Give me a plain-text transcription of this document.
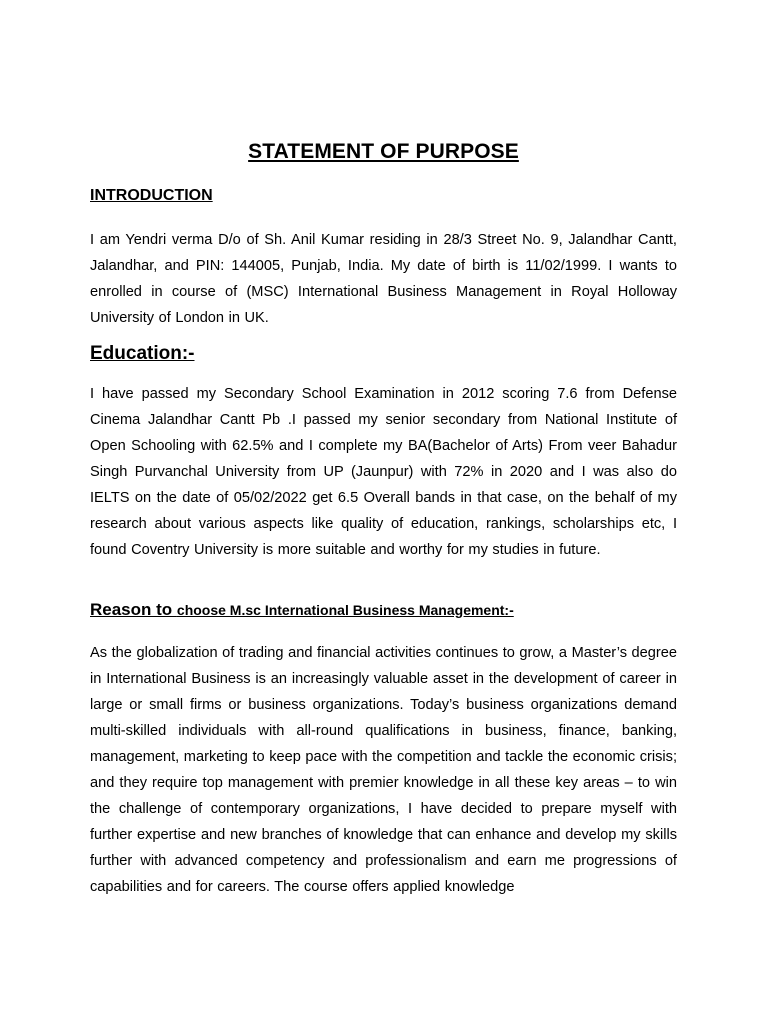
STATEMENT OF PURPOSE
INTRODUCTION

I am Yendri verma D/o of Sh. Anil Kumar residing in 28/3 Street No. 9, Jalandhar Cantt, Jalandhar, and PIN: 144005, Punjab, India. My date of birth is 11/02/1999. I wants to enrolled in course of (MSC) International Business Management in Royal Holloway University of London in UK.

Education:-

I have passed my Secondary School Examination in 2012 scoring 7.6 from Defense Cinema Jalandhar Cantt Pb .I passed my senior secondary from National Institute of Open Schooling with 62.5% and I complete my BA(Bachelor of Arts) From veer Bahadur Singh Purvanchal University from UP (Jaunpur) with 72% in 2020 and I was also do IELTS on the date of 05/02/2022 get 6.5 Overall bands in that case, on the behalf of my research about various aspects like quality of education, rankings, scholarships etc, I found Coventry University is more suitable and worthy for my studies in future.

Reason to choose M.sc International Business Management:-

As the globalization of trading and financial activities continues to grow, a Master’s degree in International Business is an increasingly valuable asset in the development of career in large or small firms or business organizations. Today’s business organizations demand multi-skilled individuals with all-round qualifications in business, finance, banking, management, marketing to keep pace with the competition and tackle the economic crisis; and they require top management with premier knowledge in all these key areas – to win the challenge of contemporary organizations, I have decided to prepare myself with further expertise and new branches of knowledge that can enhance and develop my skills further with advanced competency and professionalism and earn me progressions of capabilities and for careers. The course offers applied knowledge
